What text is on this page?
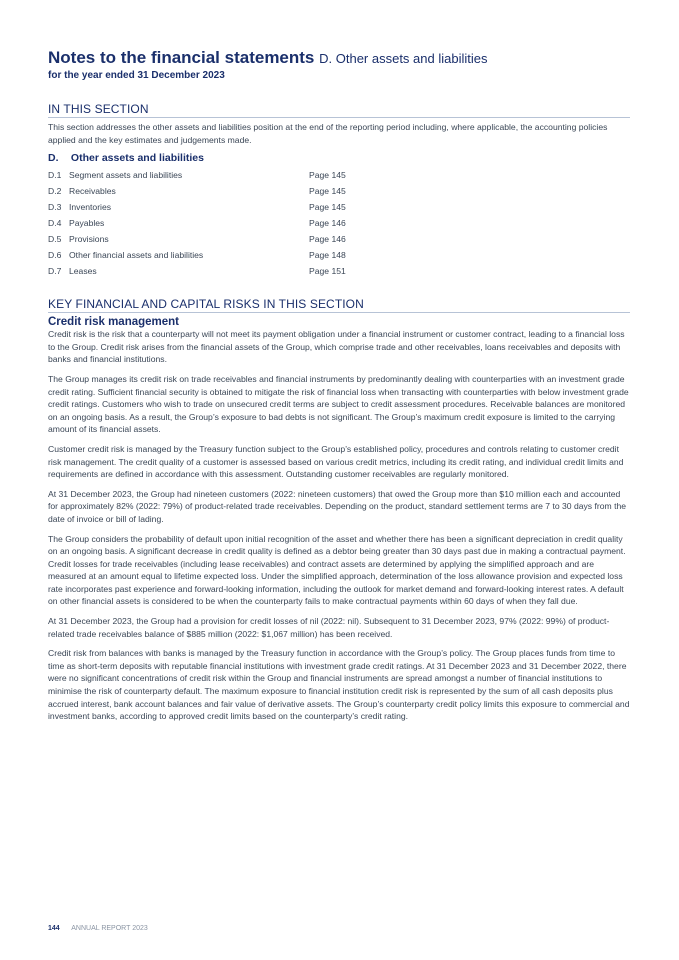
Notes to the financial statements D. Other assets and liabilities
for the year ended 31 December 2023
IN THIS SECTION
This section addresses the other assets and liabilities position at the end of the reporting period including, where applicable, the accounting policies applied and the key estimates and judgements made.
D. Other assets and liabilities
D.1 Segment assets and liabilities	Page 145
D.2 Receivables	Page 145
D.3 Inventories	Page 145
D.4 Payables	Page 146
D.5 Provisions	Page 146
D.6 Other financial assets and liabilities	Page 148
D.7 Leases	Page 151
KEY FINANCIAL AND CAPITAL RISKS IN THIS SECTION
Credit risk management

Credit risk is the risk that a counterparty will not meet its payment obligation under a financial instrument or customer contract, leading to a financial loss to the Group. Credit risk arises from the financial assets of the Group, which comprise trade and other receivables, loans receivables and deposits with banks and financial institutions.

The Group manages its credit risk on trade receivables and financial instruments by predominantly dealing with counterparties with an investment grade credit rating. Sufficient financial security is obtained to mitigate the risk of financial loss when transacting with counterparties with below investment grade credit ratings. Customers who wish to trade on unsecured credit terms are subject to credit assessment procedures. Receivable balances are monitored on an ongoing basis. As a result, the Group’s exposure to bad debts is not significant. The Group’s maximum credit exposure is limited to the carrying amount of its financial assets.

Customer credit risk is managed by the Treasury function subject to the Group’s established policy, procedures and controls relating to customer credit risk management. The credit quality of a customer is assessed based on various credit metrics, including its credit rating, and individual credit limits and requirements are defined in accordance with this assessment. Outstanding customer receivables are regularly monitored.

At 31 December 2023, the Group had nineteen customers (2022: nineteen customers) that owed the Group more than $10 million each and accounted for approximately 82% (2022: 79%) of product-related trade receivables. Depending on the product, standard settlement terms are 7 to 30 days from the date of invoice or bill of lading.

The Group considers the probability of default upon initial recognition of the asset and whether there has been a significant depreciation in credit quality on an ongoing basis. A significant decrease in credit quality is defined as a debtor being greater than 30 days past due in making a contractual payment. Credit losses for trade receivables (including lease receivables) and contract assets are determined by applying the simplified approach and are measured at an amount equal to lifetime expected loss. Under the simplified approach, determination of the loss allowance provision and expected loss rate incorporates past experience and forward-looking information, including the outlook for market demand and forward-looking interest rates. A default on other financial assets is considered to be when the counterparty fails to make contractual payments within 60 days of when they fall due.

At 31 December 2023, the Group had a provision for credit losses of nil (2022: nil). Subsequent to 31 December 2023, 97% (2022: 99%) of product-related trade receivables balance of $885 million (2022: $1,067 million) has been received.

Credit risk from balances with banks is managed by the Treasury function in accordance with the Group’s policy. The Group places funds from time to time as short-term deposits with reputable financial institutions with investment grade credit ratings. At 31 December 2023 and 31 December 2022, there were no significant concentrations of credit risk within the Group and financial instruments are spread amongst a number of financial institutions to minimise the risk of counterparty default. The maximum exposure to financial institution credit risk is represented by the sum of all cash deposits plus accrued interest, bank account balances and fair value of derivative assets. The Group’s counterparty credit policy limits this exposure to commercial and investment banks, according to approved credit limits based on the counterparty’s credit rating.

144 ANNUAL REPORT 2023
